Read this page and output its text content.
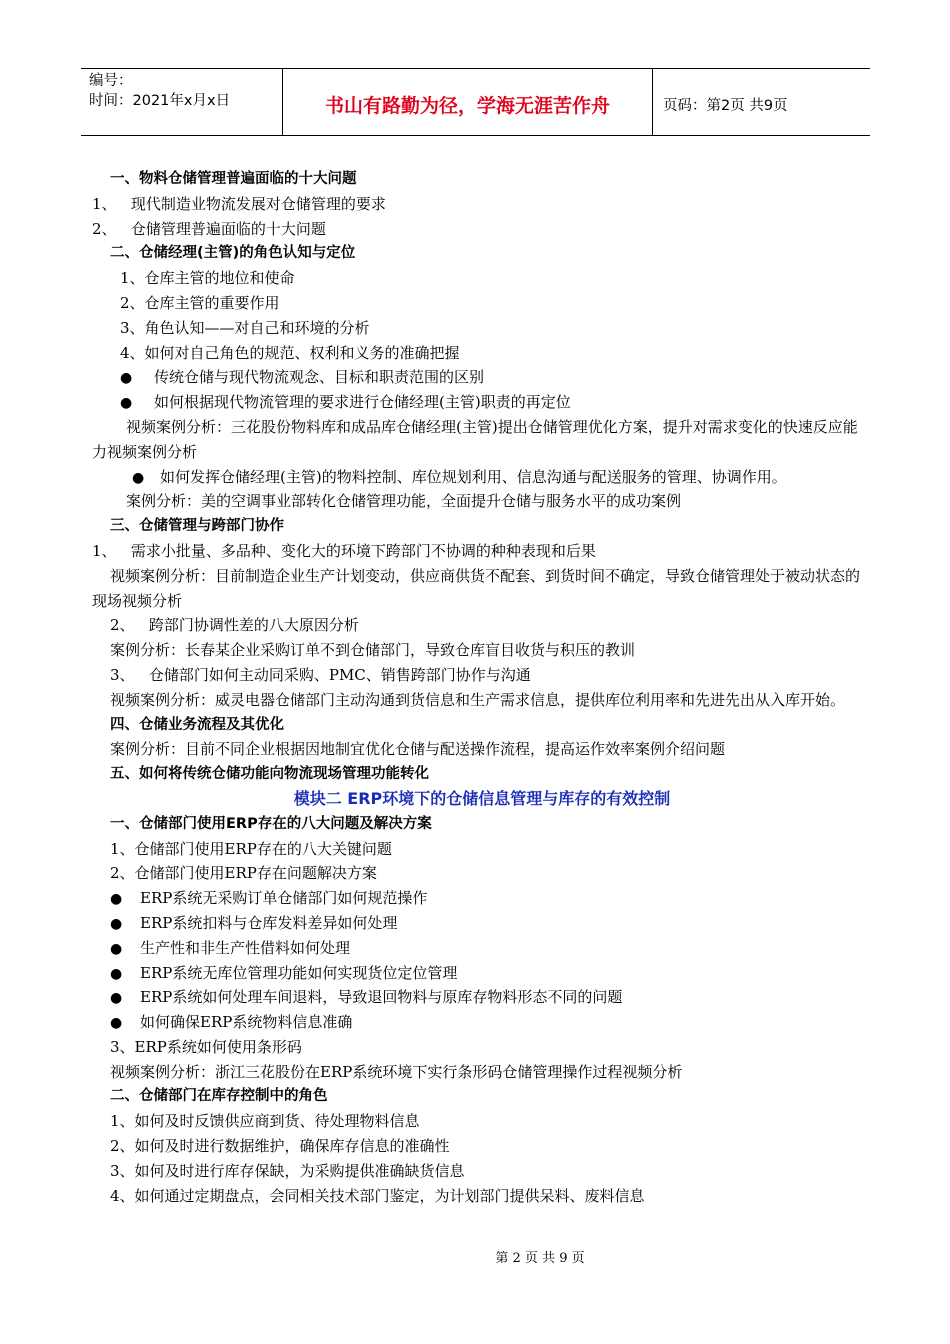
编号：
时间：2021年x月x日	书山有路勤为径，学海无涯苦作舟	页码：第2页 共9页
一、物料仓储管理普遍面临的十大问题
1、   现代制造业物流发展对仓储管理的要求
2、   仓储管理普遍面临的十大问题
二、仓储经理(主管)的角色认知与定位
1、仓库主管的地位和使命
2、仓库主管的重要作用
3、角色认知——对自己和环境的分析
4、如何对自己角色的规范、权利和义务的准确把握
● 传统仓储与现代物流观念、目标和职责范围的区别
● 如何根据现代物流管理的要求进行仓储经理(主管)职责的再定位
视频案例分析：三花股份物料库和成品库仓储经理(主管)提出仓储管理优化方案，提升对需求变化的快速反应能力视频案例分析
● 如何发挥仓储经理(主管)的物料控制、库位规划利用、信息沟通与配送服务的管理、协调作用。
案例分析：美的空调事业部转化仓储管理功能，全面提升仓储与服务水平的成功案例
三、仓储管理与跨部门协作
1、   需求小批量、多品种、变化大的环境下跨部门不协调的种种表现和后果
视频案例分析：目前制造企业生产计划变动，供应商供货不配套、到货时间不确定，导致仓储管理处于被动状态的现场视频分析
2、   跨部门协调性差的八大原因分析
案例分析：长春某企业采购订单不到仓储部门，导致仓库盲目收货与积压的教训
3、   仓储部门如何主动同采购、PMC、销售跨部门协作与沟通
视频案例分析：威灵电器仓储部门主动沟通到货信息和生产需求信息，提供库位利用率和先进先出从入库开始。
四、仓储业务流程及其优化
案例分析：目前不同企业根据因地制宜优化仓储与配送操作流程，提高运作效率案例介绍问题
五、如何将传统仓储功能向物流现场管理功能转化
模块二 ERP环境下的仓储信息管理与库存的有效控制
一、仓储部门使用ERP存在的八大问题及解决方案
1、仓储部门使用ERP存在的八大关键问题
2、仓储部门使用ERP存在问题解决方案
● ERP系统无采购订单仓储部门如何规范操作
● ERP系统扣料与仓库发料差异如何处理
● 生产性和非生产性借料如何处理
● ERP系统无库位管理功能如何实现货位定位管理
● ERP系统如何处理车间退料，导致退回物料与原库存物料形态不同的问题
● 如何确保ERP系统物料信息准确
3、ERP系统如何使用条形码
视频案例分析：浙江三花股份在ERP系统环境下实行条形码仓储管理操作过程视频分析
二、仓储部门在库存控制中的角色
1、如何及时反馈供应商到货、待处理物料信息
2、如何及时进行数据维护，确保库存信息的准确性
3、如何及时进行库存保缺，为采购提供准确缺货信息
4、如何通过定期盘点，会同相关技术部门鉴定，为计划部门提供呆料、废料信息
第 2 页 共 9 页
